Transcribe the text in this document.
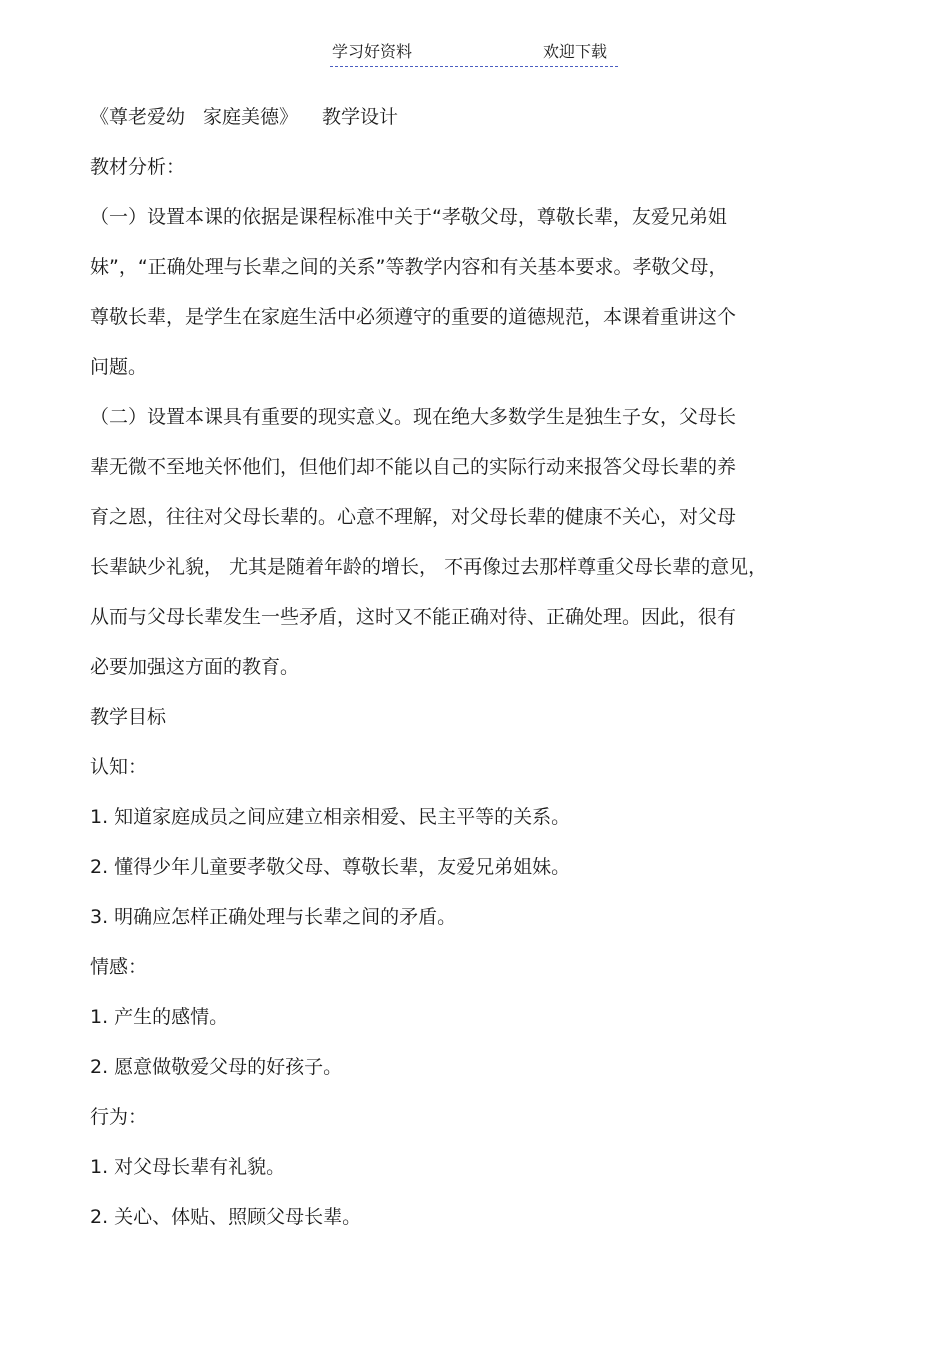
学习好资料	欢迎下载
《尊老爱幼 家庭美德》 教学设计
教材分析：
（一）设置本课的依据是课程标准中关于“孝敬父母，尊敬长辈，友爱兄弟姐
妹”，“正确处理与长辈之间的关系”等教学内容和有关基本要求。孝敬父母，
尊敬长辈，是学生在家庭生活中必须遵守的重要的道德规范，本课着重讲这个
问题。
（二）设置本课具有重要的现实意义。现在绝大多数学生是独生子女，父母长
辈无微不至地关怀他们，但他们却不能以自己的实际行动来报答父母长辈的养
育之恩，往往对父母长辈的。心意不理解，对父母长辈的健康不关心，对父母
长辈缺少礼貌， 尤其是随着年龄的增长， 不再像过去那样尊重父母长辈的意见，
从而与父母长辈发生一些矛盾，这时又不能正确对待、正确处理。因此，很有
必要加强这方面的教育。
教学目标
认知：
1. 知道家庭成员之间应建立相亲相爱、民主平等的关系。
2. 懂得少年儿童要孝敬父母、尊敬长辈，友爱兄弟姐妹。
3. 明确应怎样正确处理与长辈之间的矛盾。
情感：
1. 产生的感情。
2. 愿意做敬爱父母的好孩子。
行为：
1. 对父母长辈有礼貌。
2. 关心、体贴、照顾父母长辈。
